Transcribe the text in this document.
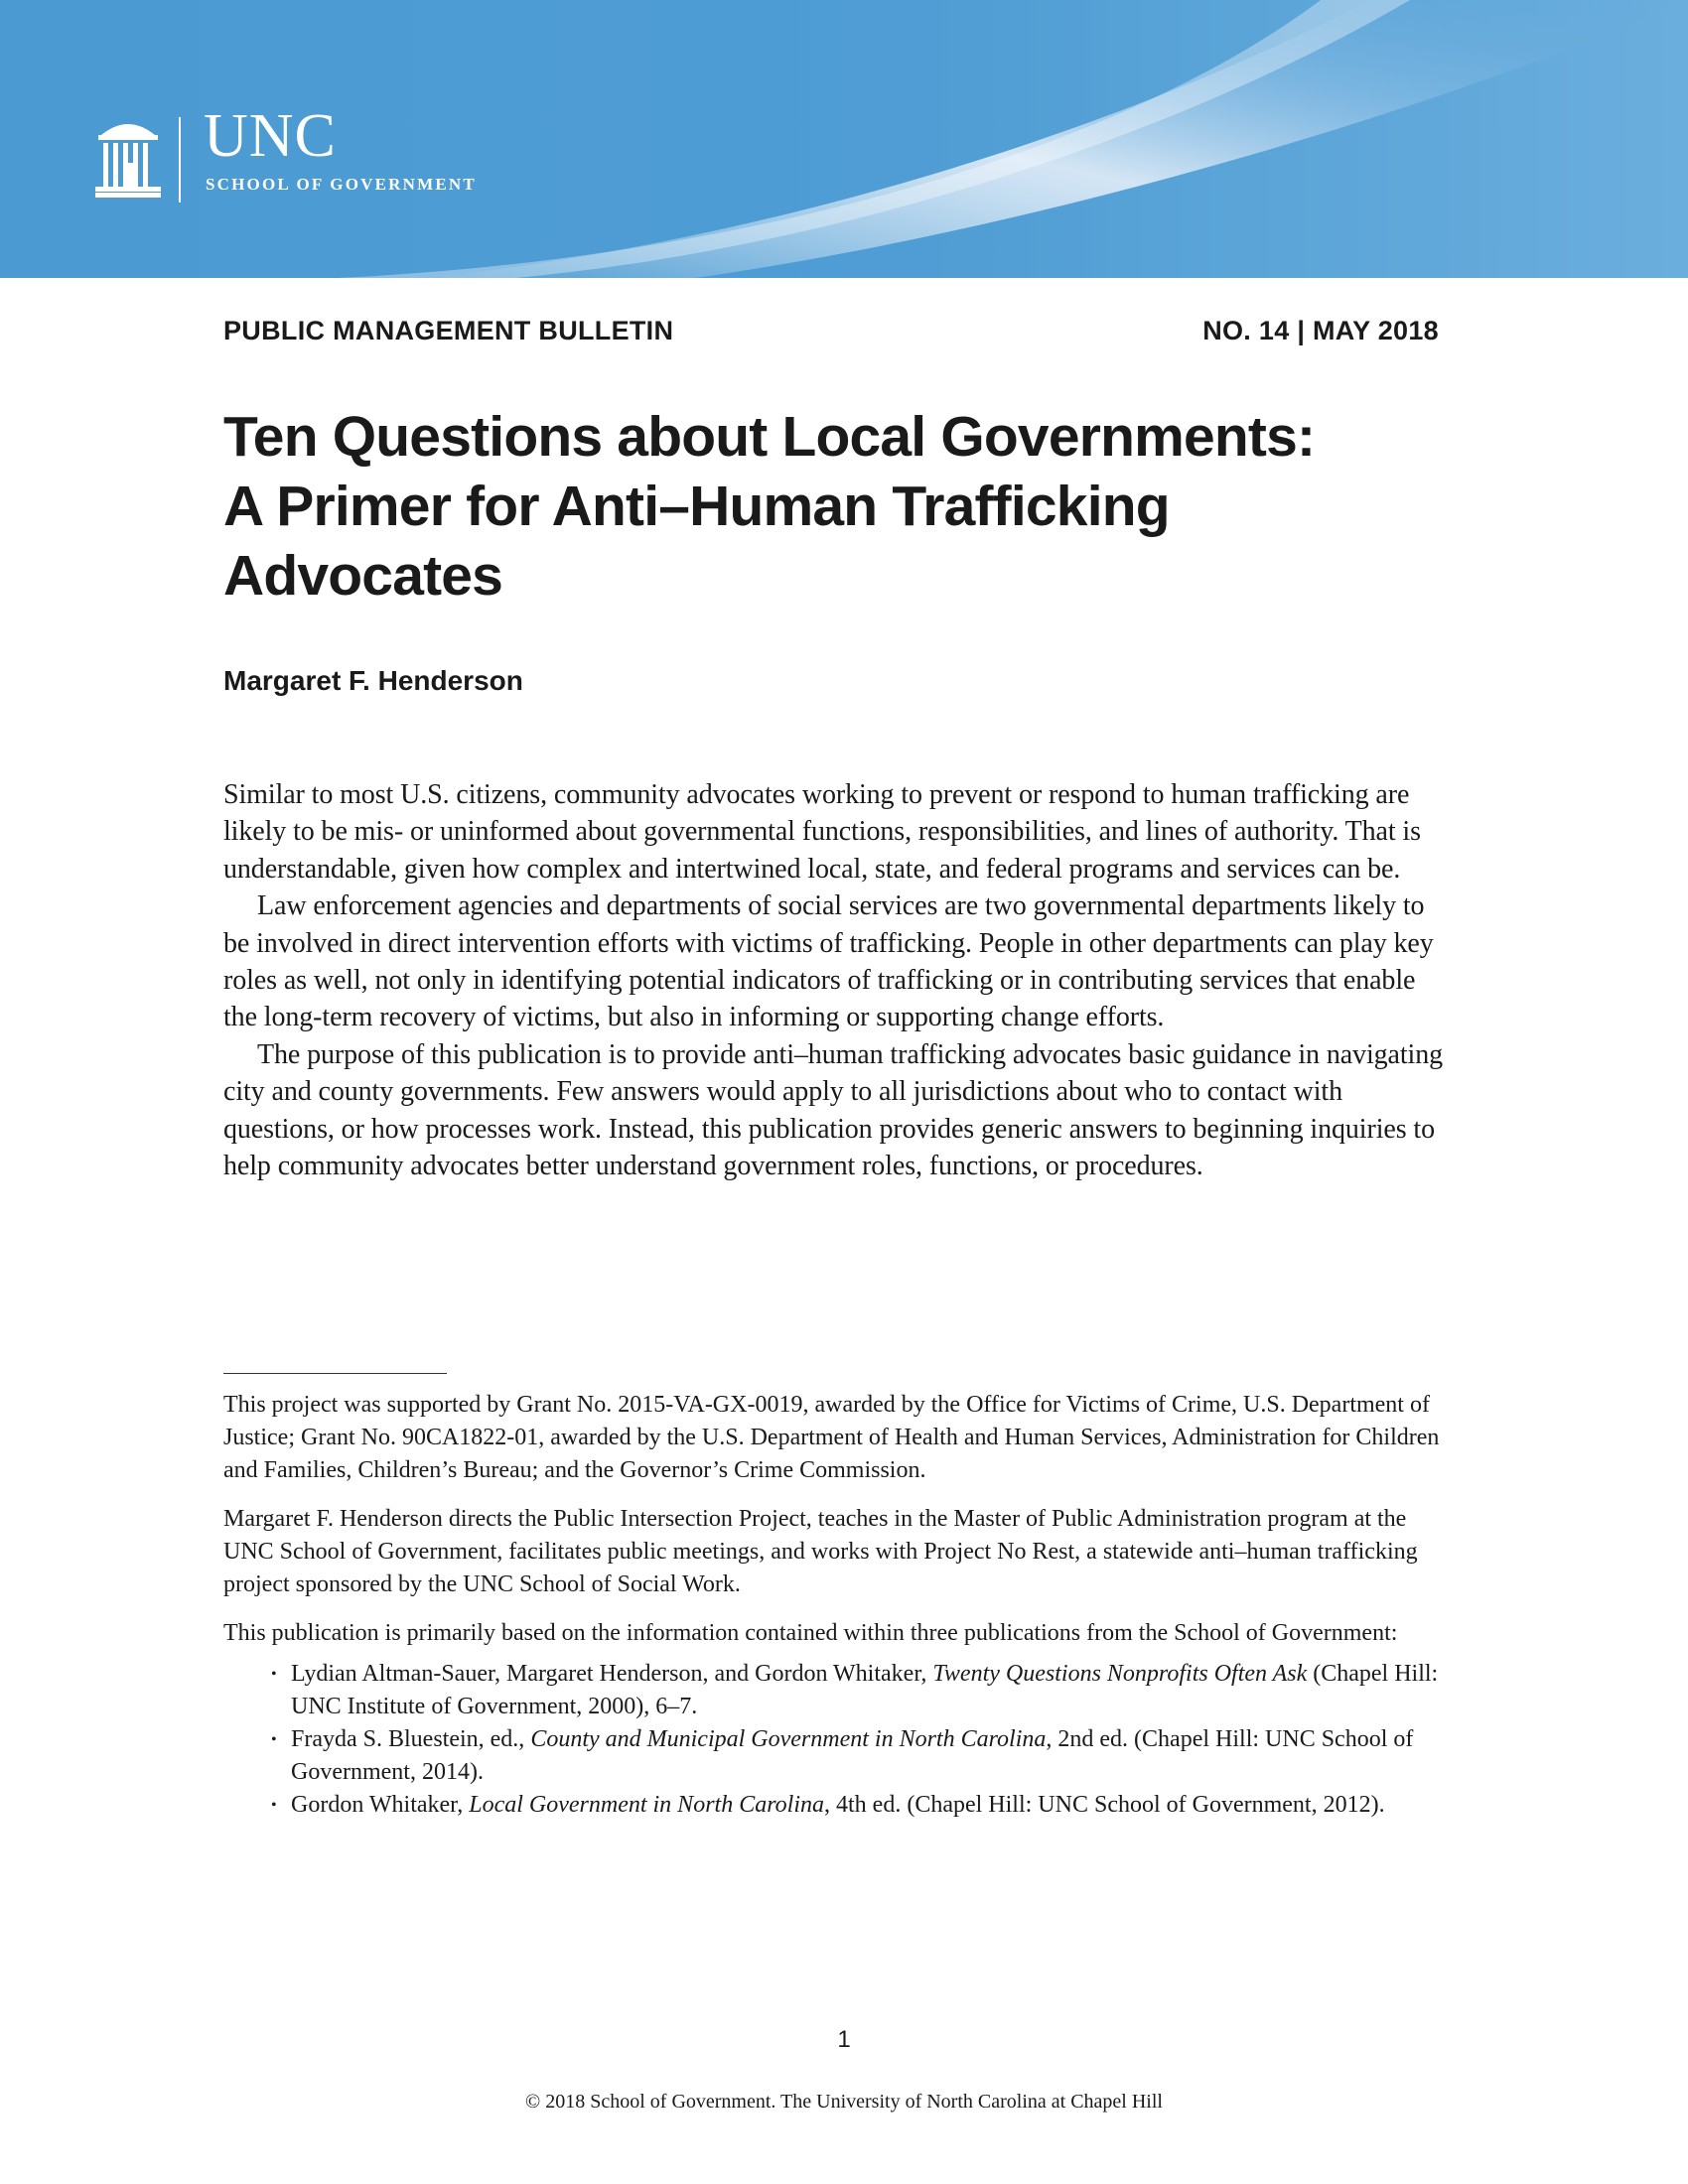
UNC

SCHOOL OF GOVERNMENT

PUBLIC MANAGEMENT BULLETIN	NO. 14 | MAY 2018
Ten Questions about Local Governments:
A Primer for Anti–Human Trafficking
Advocates

Margaret F. Henderson

Similar to most U.S. citizens, community advocates working to prevent or respond to human trafficking are likely to be mis- or uninformed about governmental functions, responsibilities, and lines of authority. That is understandable, given how complex and intertwined local, state, and federal programs and services can be.

Law enforcement agencies and departments of social services are two governmental departments likely to be involved in direct intervention efforts with victims of trafficking. People in other departments can play key roles as well, not only in identifying potential indicators of trafficking or in contributing services that enable the long-term recovery of victims, but also in informing or supporting change efforts.

The purpose of this publication is to provide anti–human trafficking advocates basic guidance in navigating city and county governments. Few answers would apply to all jurisdictions about who to contact with questions, or how processes work. Instead, this publication provides generic answers to beginning inquiries to help community advocates better understand government roles, functions, or procedures.

This project was supported by Grant No. 2015-VA-GX-0019, awarded by the Office for Victims of Crime, U.S. Department of Justice; Grant No. 90CA1822-01, awarded by the U.S. Department of Health and Human Services, Administration for Children and Families, Children’s Bureau; and the Governor’s Crime Commission.

Margaret F. Henderson directs the Public Intersection Project, teaches in the Master of Public Administration program at the UNC School of Government, facilitates public meetings, and works with Project No Rest, a statewide anti–human trafficking project sponsored by the UNC School of Social Work.

This publication is primarily based on the information contained within three publications from the School of Government:

• Lydian Altman-Sauer, Margaret Henderson, and Gordon Whitaker, Twenty Questions Nonprofits Often Ask (Chapel Hill: UNC Institute of Government, 2000), 6–7.
• Frayda S. Bluestein, ed., County and Municipal Government in North Carolina, 2nd ed. (Chapel Hill: UNC School of Government, 2014).
• Gordon Whitaker, Local Government in North Carolina, 4th ed. (Chapel Hill: UNC School of Government, 2012).
1
© 2018 School of Government. The University of North Carolina at Chapel Hill
